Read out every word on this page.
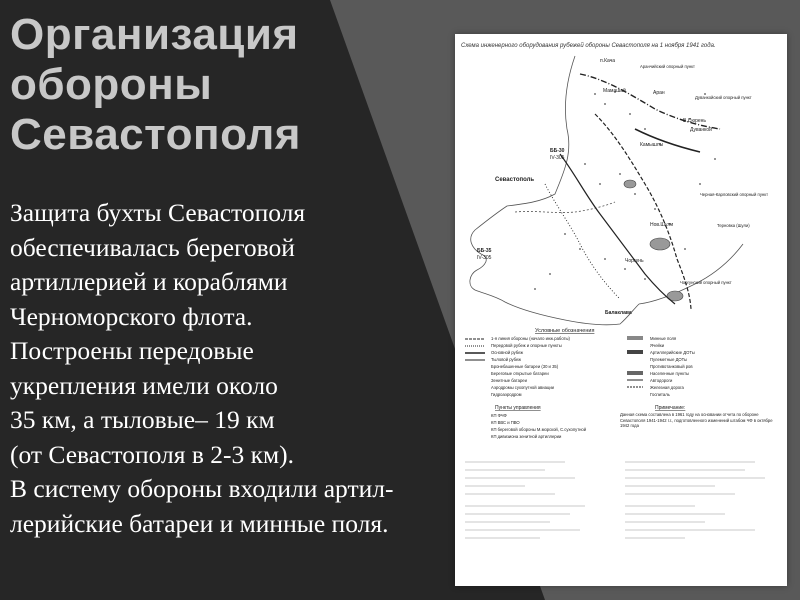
Схема инженерного оборудования рубежей обороны Севастополя на 1 ноября 1941 года.
п.Кача
Аранчийский опорный пункт
Мамашай	Аран
Дуванкойский опорный пункт
В.Сюрень
Дуванкой
ББ-30
IV-305
Камышлы
Севастополь
Черная-Карловский опорный пункт
ББ-35
IV-305
Нов.Шули	Терновка (Шули)
Чоргунь
Чоргунский опорный пункт
Балаклава
Условные обозначения
1-я линия обороны (начало инж.работы)
Передовой рубеж и опорные пункты
Основной рубеж
Тыловой рубеж
Бронебашенные батареи (30 и 35)
Береговые открытые батареи
Зенитные батареи
Аэродромы сухопутной авиации
Гидроаэродром
Минные поля
Ячейки
Артиллерийские ДОТы
Пулеметные ДОТы
Противотанковый ров
Населенные пункты
Автодороги
Железная дорога
Госпиталь
Пункты управления
КП ФЧФ
КП ВВС и ПВО
КП береговой обороны М.морской, С.сухопутной
КП дивизиона зенитной артиллерии
Примечание:
Данная схема составлена в 1961 году на основании отчета по обороне Севастополя 1941-1942 г.г., подготовленного изменений штабом ЧФ в октябре 1942 года
Организация
обороны
Севастополя

Защита бухты Севастополя
обеспечивалась береговой
артиллерией и кораблями
Черноморского флота.
Построены передовые
укрепления имели около
35 км, а тыловые– 19 км
(от Севастополя в 2-3 км).
В систему обороны входили артил-
лерийские батареи и минные поля.
